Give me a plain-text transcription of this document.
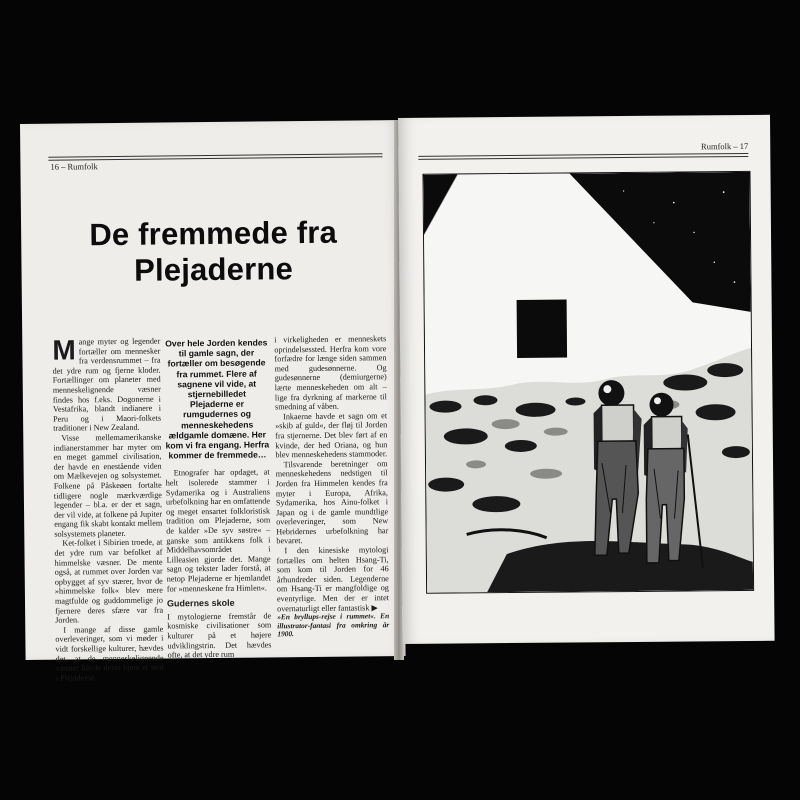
16 – Rumfolk
De fremmede fra
Plejaderne

Mange myter og legender fortæller om mennesker fra verdensrummet – fra det ydre rum og fjerne kloder. Fortællinger om planeter med menneskelignende væsner findes hos f.eks. Dogonerne i Vestafrika, blandt indianere i Peru og i Maori-folkets traditioner i New Zealand.

Visse mellemamerikanske indianerstammer har myter om en meget gammel civilisation, der havde en enestående viden om Mælkevejen og solsystemet. Folkene på Påskeøen fortalte tidligere nogle mærkværdige legender – bl.a. er der et sagn, der vil vide, at folkene på Jupiter engang fik skabt kontakt mellem solsystemets planeter.

Ket-folket i Sibirien troede, at det ydre rum var befolket af himmelske væsner. De mente også, at rummet over Jorden var opbygget af syv stærer, hvor de »himmelske folk« blev mere magtfulde og guddommelige jo fjernere deres sfære var fra Jorden.

I mange af disse gamle overleveringer, som vi møder i vidt forskellige kulturer, hævdes det, at de menneskelignende væsner havde deres hjem et sted i Plejaderne.

Over hele Jorden kendes til gamle sagn, der fortæller om besøgende fra rummet. Flere af sagnene vil vide, at stjernebilledet Plejaderne er rumgudernes og menneskehedens ældgamle domæne. Her kom vi fra engang. Herfra kommer de fremmede…

Etnografer har opdaget, at helt isolerede stammer i Sydamerika og i Australiens urbefolkning har en omfattende og meget ensartet folkloristisk tradition om Plejaderne, som de kalder »De syv søstre« – ganske som antikkens folk i Middelhavsområdet i Lilleasien gjorde det. Mange sagn og tekster lader forstå, at netop Plejaderne er hjemlandet for »menneskene fra Himlen«.

Gudernes skole

I mytologierne fremstår de kosmiske civilisationer som kulturer på et højere udviklingstrin. Det hævdes ofte, at det ydre rum

i virkeligheden er menneskets oprindelsessted. Herfra kom vore forfædre for længe siden sammen med gudesønnerne. Og gudesønnerne (demiurgerne) lærte menneskeheden om alt – lige fra dyrkning af markerne til smedning af våben.

Inkaerne havde et sagn om et »skib af guld«, der fløj til Jorden fra stjernerne. Det blev ført af en kvinde, der hed Oriana, og hun blev menneskehedens stammoder.

Tilsvarende beretninger om menneskehedens nedstigen til Jorden fra Himmelen kendes fra myter i Europa, Afrika, Sydamerika, hos Ainu-folket i Japan og i de gamle mundtlige overleveringer, som New Hebridernes urbefolkning har bevaret.

I den kinesiske mytologi fortælles om helten Hsang-Ti, som kom til Jorden for 46 århundreder siden. Legenderne om Hsang-Ti er mangfoldige og eventyrlige. Men der er intet overnaturligt eller fantastisk ▶

»En bryllups-rejse i rummet«. En illustrator-fantasi fra omkring år 1900.

Rumfolk – 17
